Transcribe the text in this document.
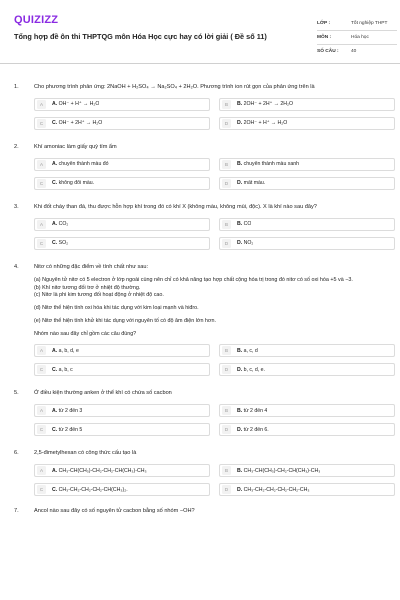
QUIZIZZ
Tổng hợp đề ôn thi THPTQG môn Hóa Học cực hay có lời giải ( Đề số 11)
LỚP :	Tốt nghiệp THPT
MÔN :	Hóa học
SỐ CÂU :	40
1.	Cho phương trình phản ứng: 2NaOH + H₂SO₄ → Na₂SO₄ + 2H₂O. Phương trình ion rút gọn của phản ứng trên là
A	A. OH⁻ + H⁺ → H₂O	B	B. 2OH⁻ + 2H⁺ → 2H₂O
C	C. OH⁻ + 2H⁺ → H₂O	D	D. 2OH⁻ + H⁺ → H₂O
2.	Khí amoniac làm giấy quỳ tím ẩm
A	A. chuyển thành màu đỏ	B	B. chuyển thành màu xanh
C	C. không đổi màu.	D	D. mất màu.
3.	Khi đốt cháy than đá, thu được hỗn hợp khí trong đó có khí X (không màu, không mùi, độc). X là khí nào sau đây?
A	A. CO₂	B	B. CO
C	C. SO₂	D	D. NO₂
4.	Nitơ có những đặc điểm về tính chất như sau:
(a) Nguyên tử nitơ có 5 electron ở lớp ngoài cùng nên chỉ có khả năng tạo hợp chất cộng hóa trị trong đó nitơ có số oxi hóa +5 và −3.
(b) Khí nitơ tương đối trơ ở nhiệt độ thường.
(c) Nitơ là phi kim tương đối hoạt động ở nhiệt độ cao.
(d) Nitơ thể hiện tính oxi hóa khi tác dụng với kim loại mạnh và hiđro.
(e) Nitơ thể hiện tính khử khi tác dụng với nguyên tố có độ âm điện lớn hơn.
Nhóm nào sau đây chỉ gồm các câu đúng?
A	A. a, b, d, e	B	B. a, c, d
C	C. a, b, c	D	D. b, c, d, e.
5.	Ở điều kiện thường anken ở thể khí có chứa số cacbon
A	A. từ 2 đến 3	B	B. từ 2 đến 4
C	C. từ 2 đến 5	D	D. từ 2 đến 6.
6.	2,5-đimetylhexan có công thức cấu tạo là
A	A. CH₃-CH(CH₃)-CH₂-CH₂-CH(CH₃)-CH₃	B	B. CH₃-CH(CH₃)-CH₂-CH(CH₃)-CH₃
C	C. CH₃-CH₂-CH₂-CH₂-CH(CH₃)₂.	D	D. CH₃-CH₂-CH₂-CH₂-CH₂-CH₃
7.	Ancol nào sau đây có số nguyên tử cacbon bằng số nhóm −OH?
